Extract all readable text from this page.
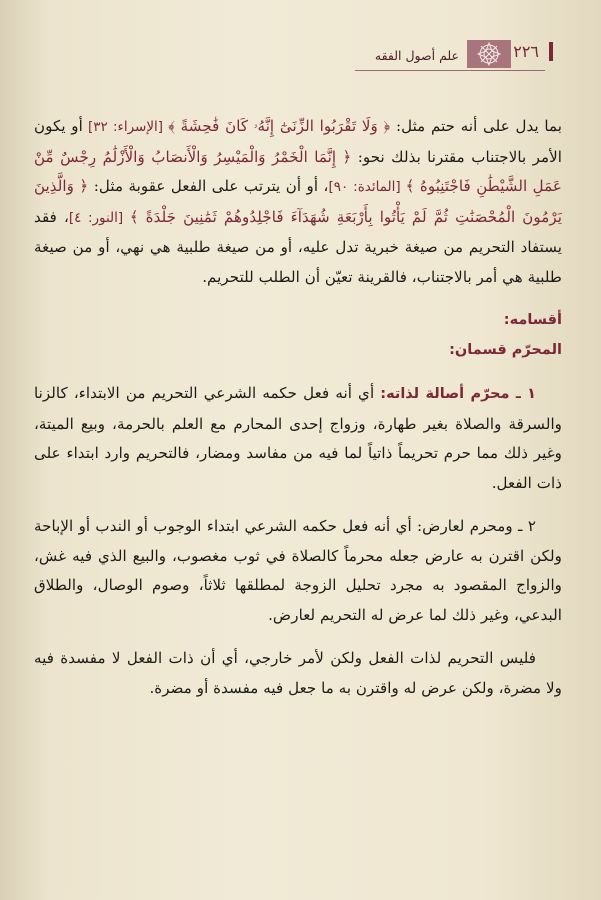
٢٢٦
علم أصول الفقه

بما يدل على أنه حتم مثل: ﴿ وَلَا تَقْرَبُوا الزِّنَىٰٓ إِنَّهُۥ كَانَ فَٰحِشَةً ﴾ [الإسراء: ٣٢] أو يكون الأمر بالاجتناب مقترنا بذلك نحو: ﴿ إِنَّمَا الْخَمْرُ وَالْمَيْسِرُ وَالْأَنصَابُ وَالْأَزْلَٰمُ رِجْسٌ مِّنْ عَمَلِ الشَّيْطَٰنِ فَاجْتَنِبُوهُ ﴾ [المائدة: ٩٠]، أو أن يترتب على الفعل عقوبة مثل: ﴿ وَالَّذِينَ يَرْمُونَ الْمُحْصَنَٰتِ ثُمَّ لَمْ يَأْتُوا بِأَرْبَعَةِ شُهَدَآءَ فَاجْلِدُوهُمْ ثَمَٰنِينَ جَلْدَةً ﴾ [النور: ٤]، فقد يستفاد التحريم من صيغة خبرية تدل عليه، أو من صيغة طلبية هي نهي، أو من صيغة طلبية هي أمر بالاجتناب، فالقرينة تعيّن أن الطلب للتحريم.

أقسامه:

المحرّم قسمان:

١ ـ محرّم أصالة لذاته: أي أنه فعل حكمه الشرعي التحريم من الابتداء، كالزنا والسرقة والصلاة بغير طهارة، وزواج إحدى المحارم مع العلم بالحرمة، وبيع الميتة، وغير ذلك مما حرم تحريماً ذاتياً لما فيه من مفاسد ومضار، فالتحريم وارد ابتداء على ذات الفعل.

٢ ـ ومحرم لعارض: أي أنه فعل حكمه الشرعي ابتداء الوجوب أو الندب أو الإباحة ولكن اقترن به عارض جعله محرماً كالصلاة في ثوب مغصوب، والبيع الذي فيه غش، والزواج المقصود به مجرد تحليل الزوجة لمطلقها ثلاثاً، وصوم الوصال، والطلاق البدعي، وغير ذلك لما عرض له التحريم لعارض.

فليس التحريم لذات الفعل ولكن لأمر خارجي، أي أن ذات الفعل لا مفسدة فيه ولا مضرة، ولكن عرض له واقترن به ما جعل فيه مفسدة أو مضرة.
